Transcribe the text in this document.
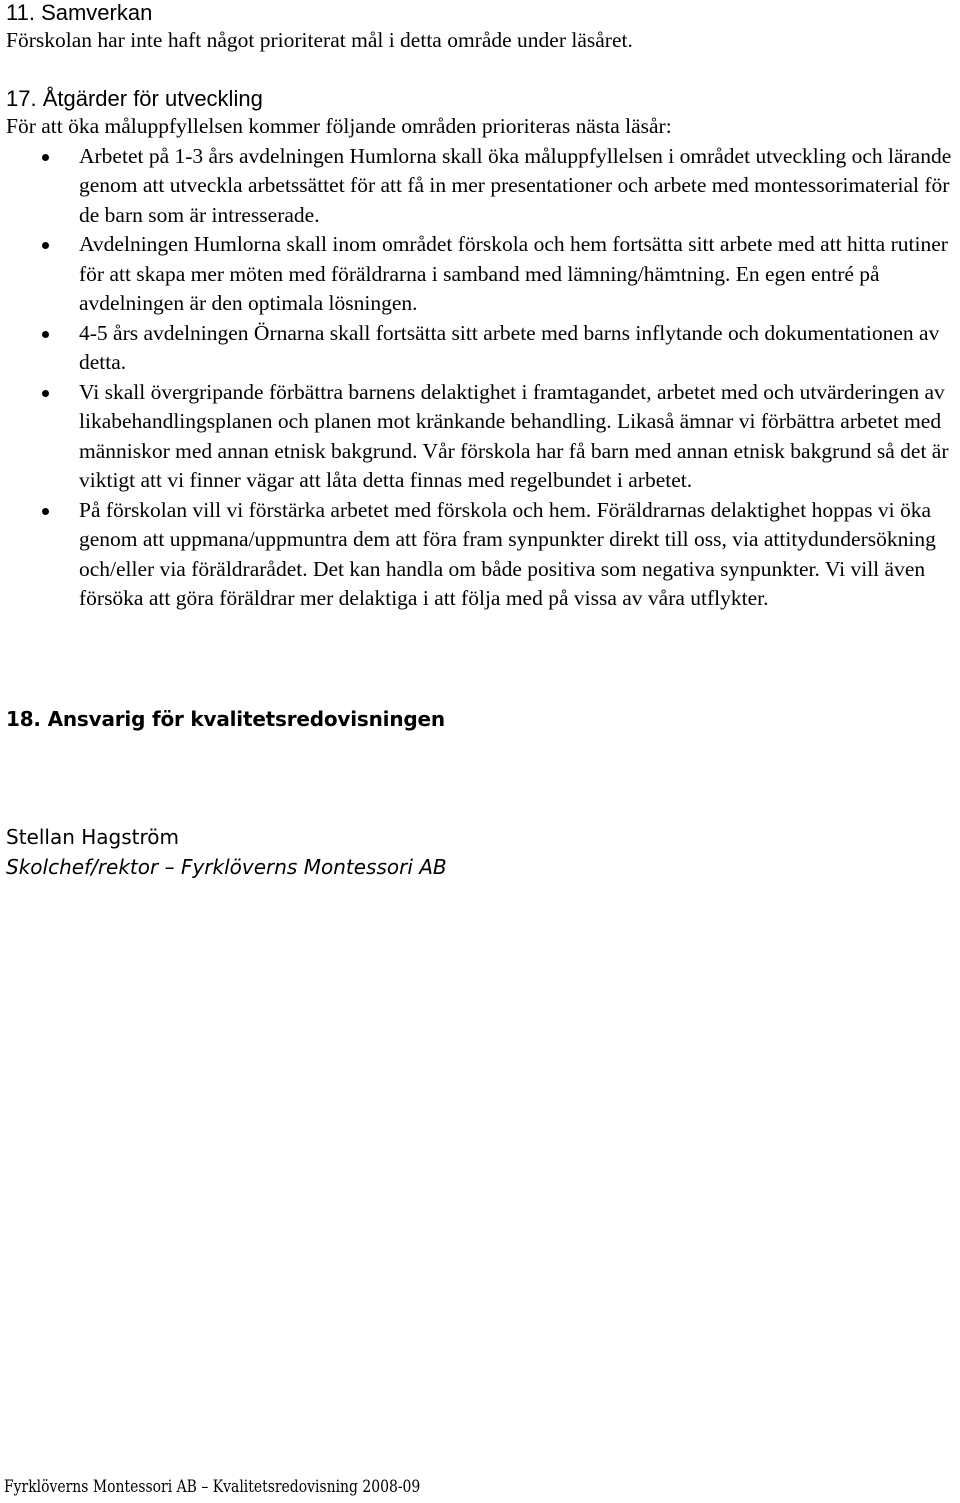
11. Samverkan

Förskolan har inte haft något prioriterat mål i detta område under läsåret.

17. Åtgärder för utveckling

För att öka måluppfyllelsen kommer följande områden prioriteras nästa läsår:

Arbetet på 1-3 års avdelningen Humlorna skall öka måluppfyllelsen i området utveckling och lärande genom att utveckla arbetssättet för att få in mer presentationer och arbete med montessorimaterial för de barn som är intresserade.
Avdelningen Humlorna skall inom området förskola och hem fortsätta sitt arbete med att hitta rutiner för att skapa mer möten med föräldrarna i samband med lämning/hämtning. En egen entré på avdelningen är den optimala lösningen.
4-5 års avdelningen Örnarna skall fortsätta sitt arbete med barns inflytande och dokumentationen av detta.
Vi skall övergripande förbättra barnens delaktighet i framtagandet, arbetet med och utvärderingen av likabehandlingsplanen och planen mot kränkande behandling. Likaså ämnar vi förbättra arbetet med människor med annan etnisk bakgrund. Vår förskola har få barn med annan etnisk bakgrund så det är viktigt att vi finner vägar att låta detta finnas med regelbundet i arbetet.
På förskolan vill vi förstärka arbetet med förskola och hem. Föräldrarnas delaktighet hoppas vi öka genom att uppmana/uppmuntra dem att föra fram synpunkter direkt till oss, via attitydundersökning och/eller via föräldrarådet. Det kan handla om både positiva som negativa synpunkter. Vi vill även försöka att göra föräldrar mer delaktiga i att följa med på vissa av våra utflykter.
18. Ansvarig för kvalitetsredovisningen
Stellan Hagström
Skolchef/rektor – Fyrklöverns Montessori AB
Fyrklöverns Montessori AB – Kvalitetsredovisning 2008-09
